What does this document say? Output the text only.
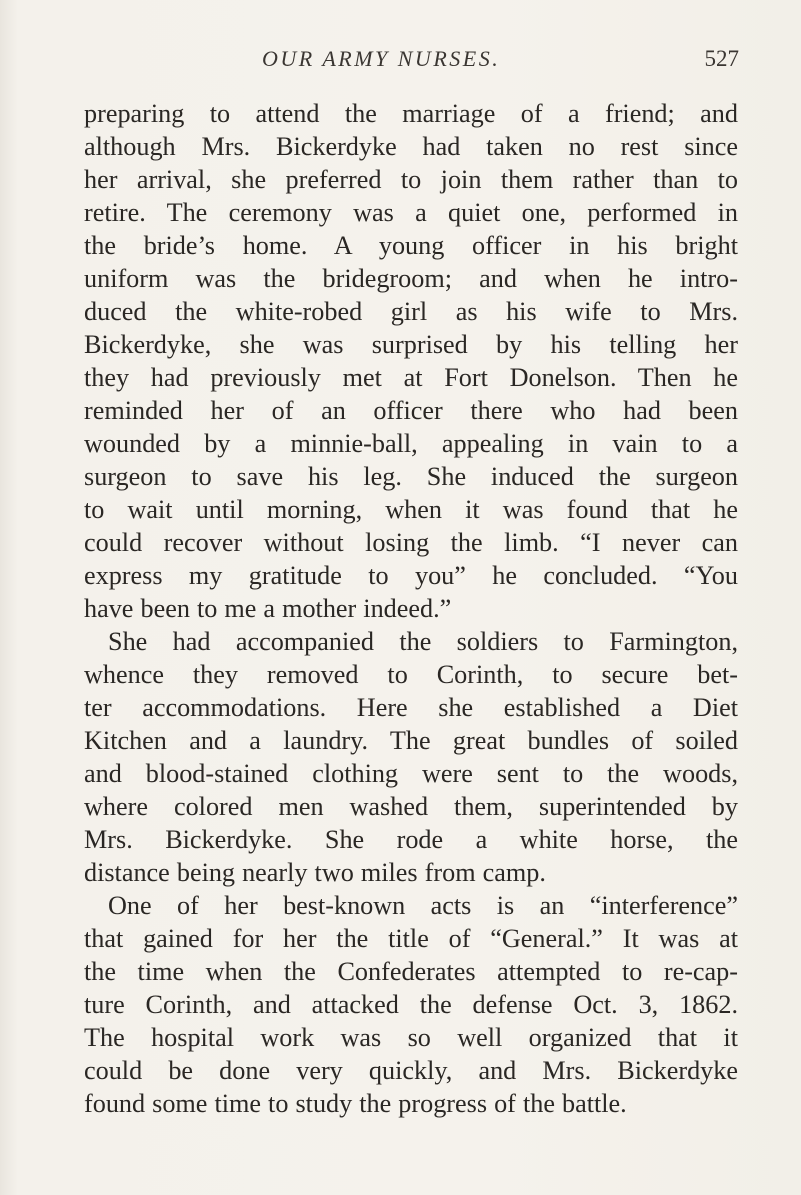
OUR ARMY NURSES.	527
preparing to attend the marriage of a friend; and
although Mrs. Bickerdyke had taken no rest since
her arrival, she preferred to join them rather than to
retire. The ceremony was a quiet one, performed in
the bride’s home. A young officer in his bright
uniform was the bridegroom; and when he intro-
duced the white-robed girl as his wife to Mrs.
Bickerdyke, she was surprised by his telling her
they had previously met at Fort Donelson. Then he
reminded her of an officer there who had been
wounded by a minnie-ball, appealing in vain to a
surgeon to save his leg. She induced the surgeon
to wait until morning, when it was found that he
could recover without losing the limb. “I never can
express my gratitude to you” he concluded. “You
have been to me a mother indeed.”
She had accompanied the soldiers to Farmington,
whence they removed to Corinth, to secure bet-
ter accommodations. Here she established a Diet
Kitchen and a laundry. The great bundles of soiled
and blood-stained clothing were sent to the woods,
where colored men washed them, superintended by
Mrs. Bickerdyke. She rode a white horse, the
distance being nearly two miles from camp.
One of her best-known acts is an “interference”
that gained for her the title of “General.” It was at
the time when the Confederates attempted to re-cap-
ture Corinth, and attacked the defense Oct. 3, 1862.
The hospital work was so well organized that it
could be done very quickly, and Mrs. Bickerdyke
found some time to study the progress of the battle.
